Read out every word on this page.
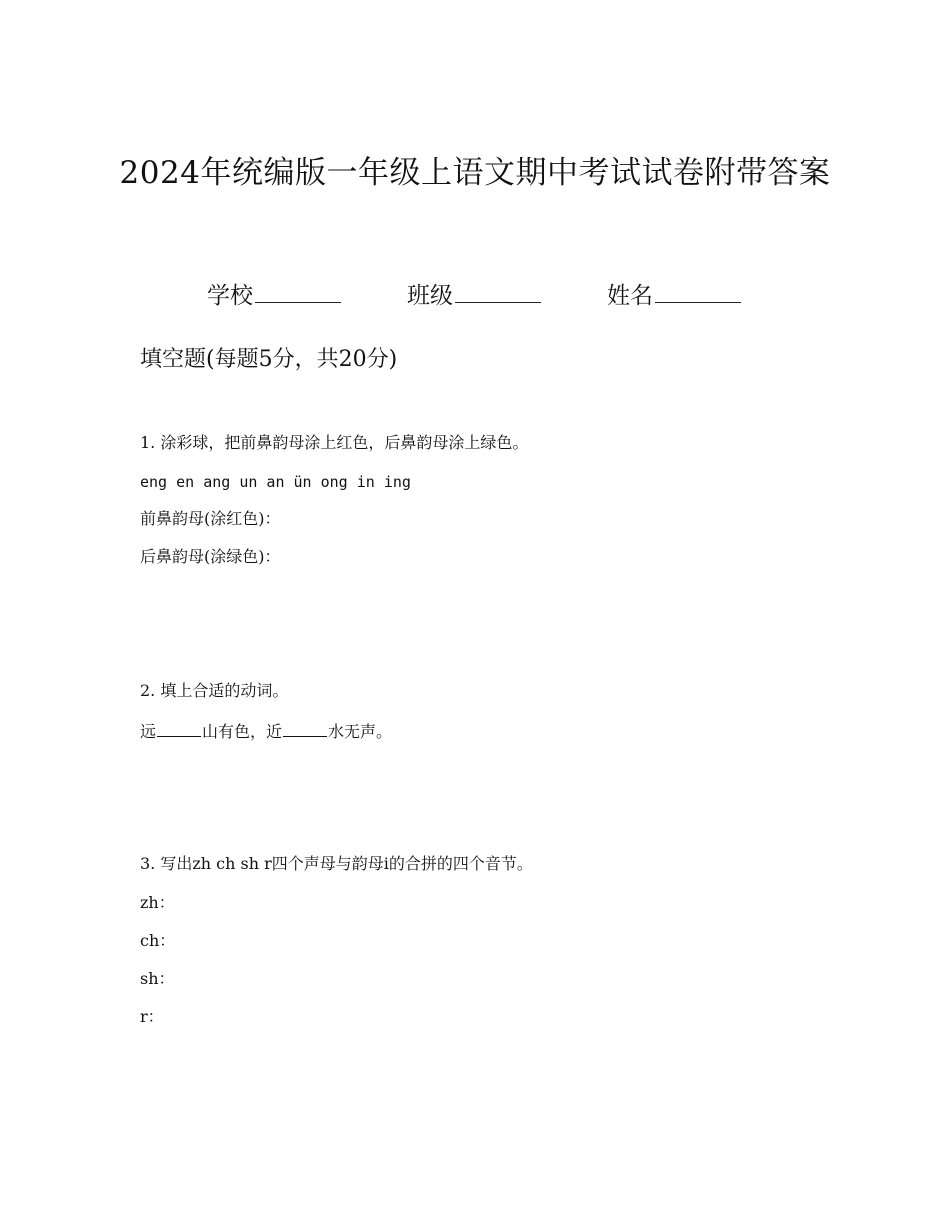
2024年统编版一年级上语文期中考试试卷附带答案
学校	班级	姓名
填空题(每题5分，共20分)
1. 涂彩球，把前鼻韵母涂上红色，后鼻韵母涂上绿色。
eng en ang un an ün ong in ing
前鼻韵母(涂红色)：
后鼻韵母(涂绿色)：
2. 填上合适的动词。
远	山有色，近	水无声。
3. 写出zh ch sh r四个声母与韵母i的合拼的四个音节。
zh：
ch：
sh：
r：
